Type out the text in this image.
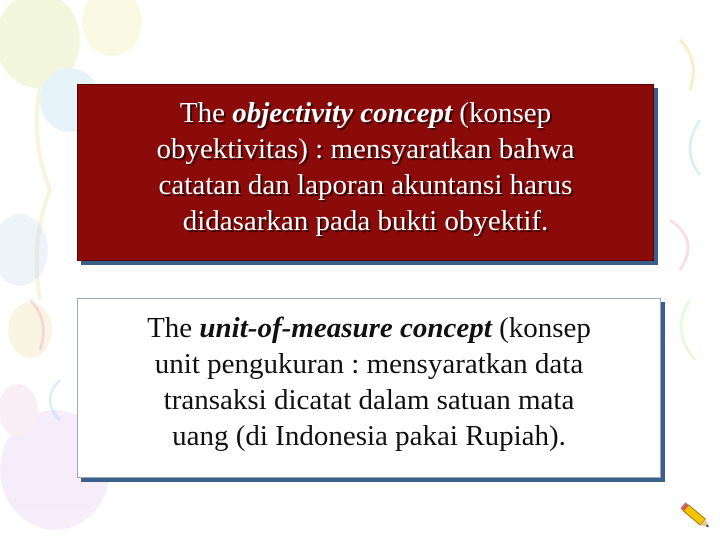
The objectivity concept (konsep
obyektivitas) : mensyaratkan bahwa
catatan dan laporan akuntansi harus
didasarkan pada bukti obyektif.
The unit-of-measure concept (konsep
unit pengukuran : mensyaratkan data
transaksi dicatat dalam satuan mata
uang (di Indonesia pakai Rupiah).
